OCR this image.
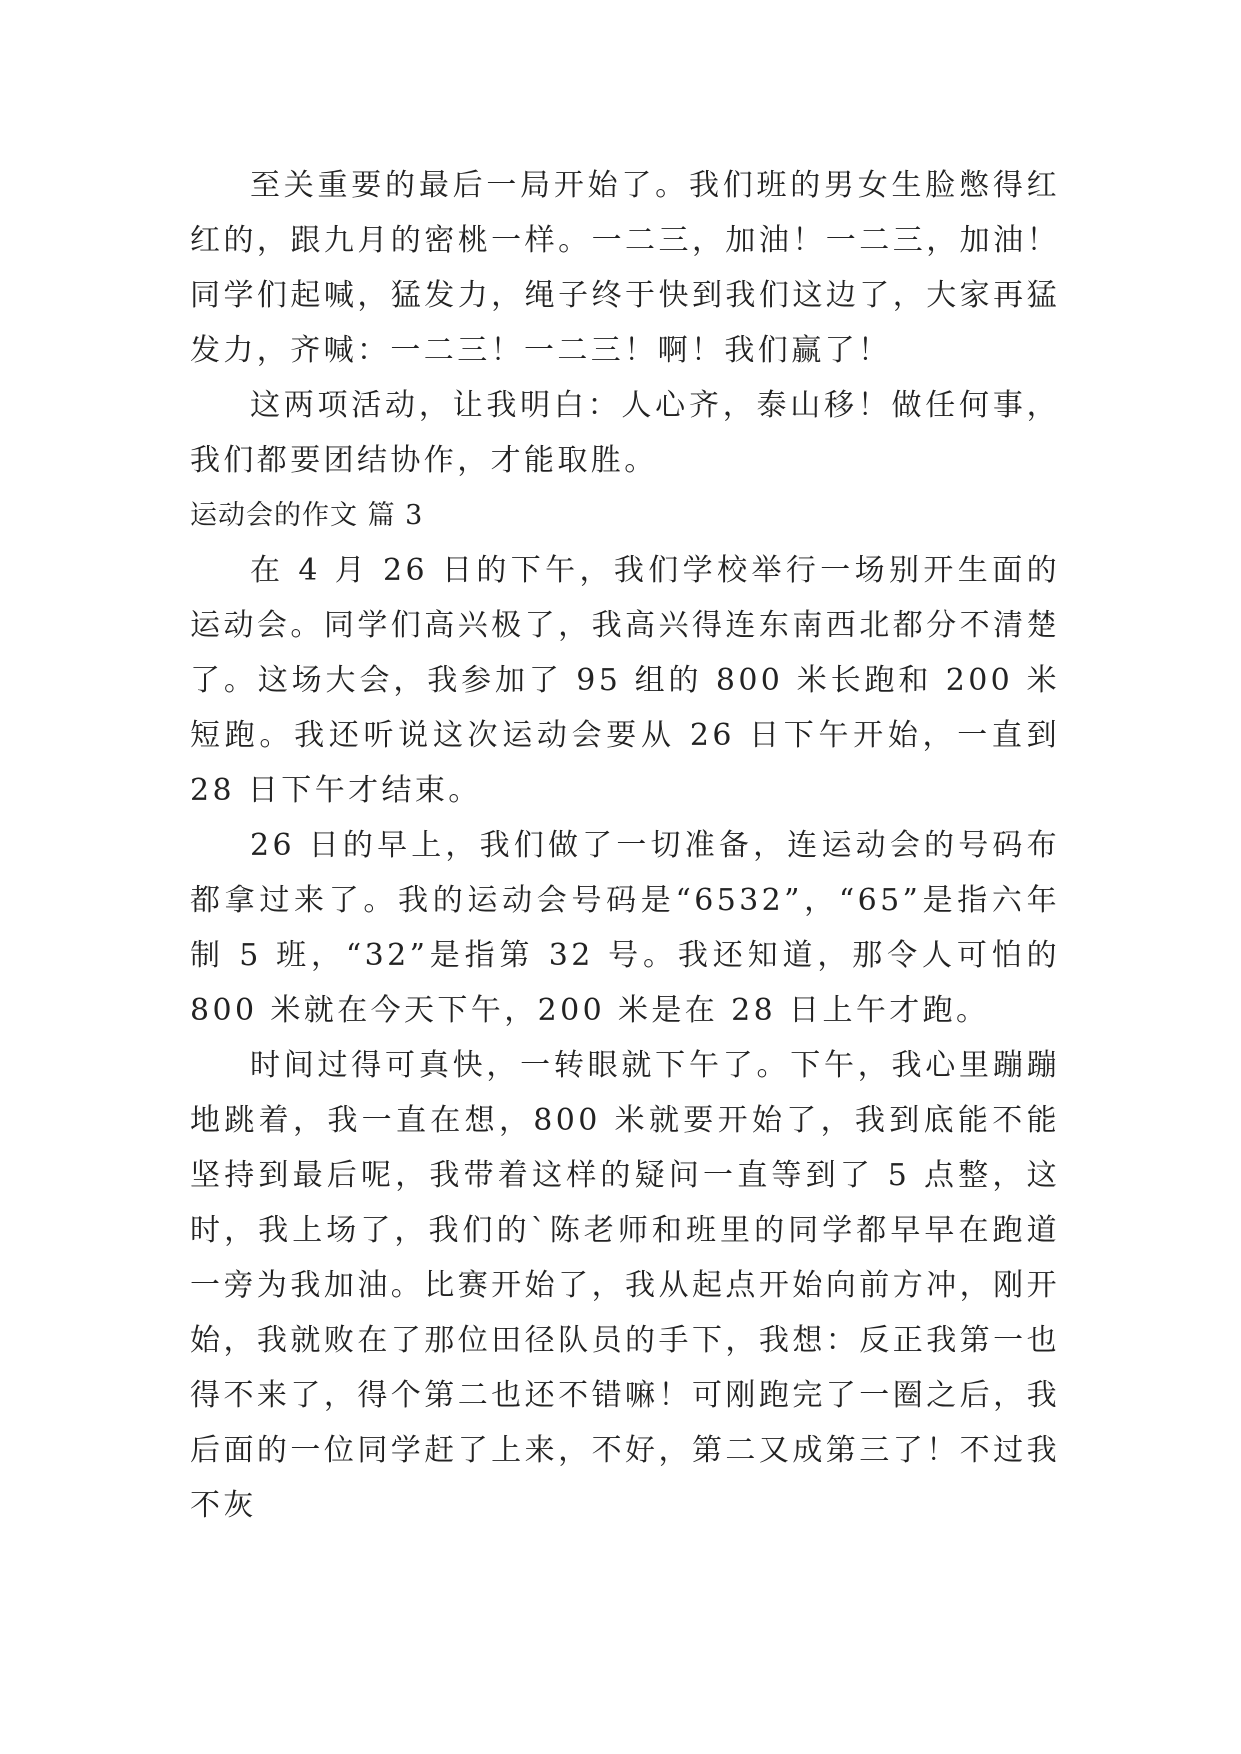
至关重要的最后一局开始了。我们班的男女生脸憋得红红的，跟九月的密桃一样。一二三，加油！一二三，加油！同学们起喊，猛发力，绳子终于快到我们这边了，大家再猛发力，齐喊：一二三！一二三！啊！我们赢了！

这两项活动，让我明白：人心齐，泰山移！做任何事，我们都要团结协作，才能取胜。

运动会的作文 篇 3

在 4 月 26 日的下午，我们学校举行一场别开生面的运动会。同学们高兴极了，我高兴得连东南西北都分不清楚了。这场大会，我参加了 95 组的 800 米长跑和 200 米短跑。我还听说这次运动会要从 26 日下午开始，一直到 28 日下午才结束。

26 日的早上，我们做了一切准备，连运动会的号码布都拿过来了。我的运动会号码是“6532”，“65”是指六年制 5 班，“32”是指第 32 号。我还知道，那令人可怕的 800 米就在今天下午，200 米是在 28 日上午才跑。

时间过得可真快，一转眼就下午了。下午，我心里蹦蹦地跳着，我一直在想，800 米就要开始了，我到底能不能坚持到最后呢，我带着这样的疑问一直等到了 5 点整，这时，我上场了，我们的`陈老师和班里的同学都早早在跑道一旁为我加油。比赛开始了，我从起点开始向前方冲，刚开始，我就败在了那位田径队员的手下，我想：反正我第一也得不来了，得个第二也还不错嘛！可刚跑完了一圈之后，我后面的一位同学赶了上来，不好，第二又成第三了！不过我不灰
